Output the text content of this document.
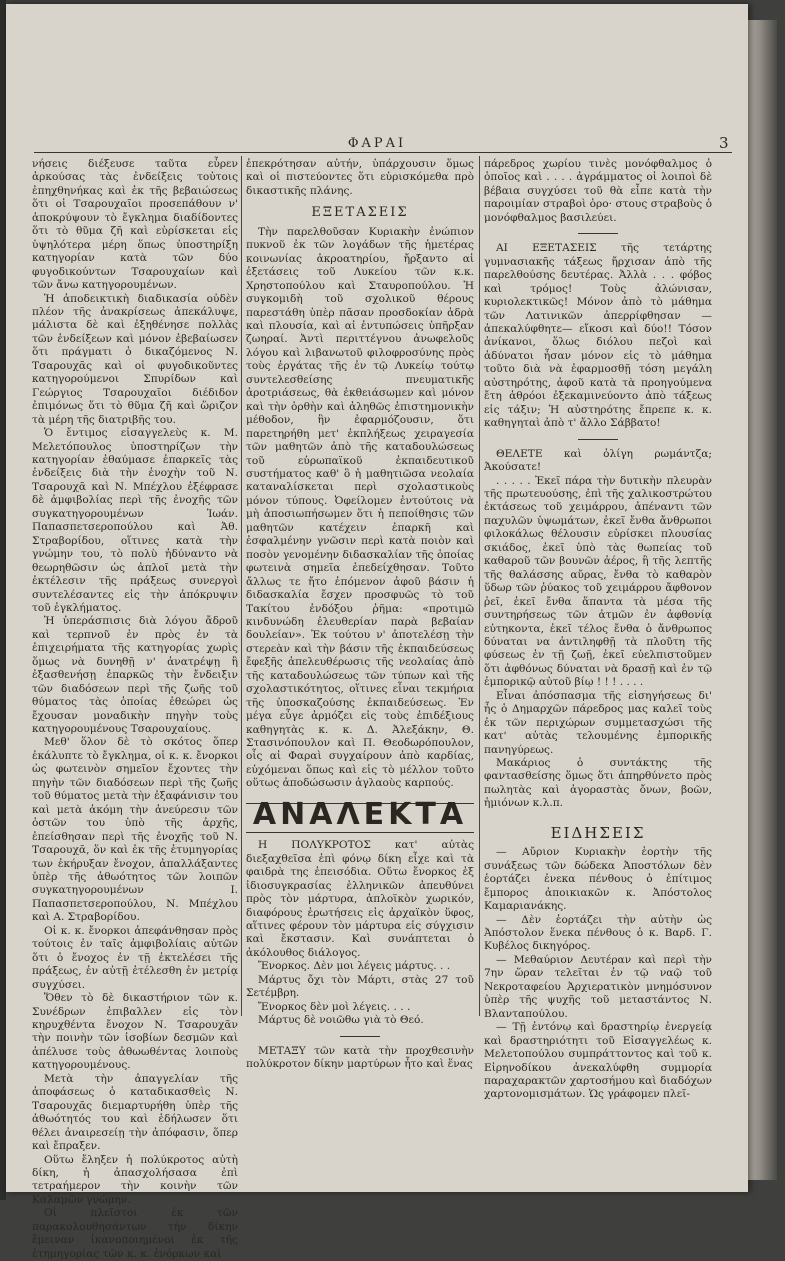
ΦΑΡΑΙ	3

νήσεις διέξευσε ταῦτα εὗρεν ἀρκούσας τὰς ἐνδείξεις τοὐτοις ἐπηχθηνήκας καὶ ἐκ τῆς βεβαιώσεως ὅτι οἱ Τσαρουχαῖοι προσεπάθουν ν' ἀποκρύψουν τὸ ἔγκλημα διαδίδοντες ὅτι τὸ θῦμα ζῆ καὶ εὑρίσκεται εἰς ὑψηλότερα μέρη ὅπως ὑποστηρίξη κατηγορίαν κατὰ τῶν δύο φυγοδικούντων Τσαρουχαίων καὶ τῶν ἄνω κατηγορουμένων.

Ἡ ἀποδεικτικὴ διαδικασία οὐδὲν πλέον τῆς ἀνακρίσεως ἀπεκάλυψε, μάλιστα δὲ καὶ ἐξηθένησε πολλὰς τῶν ἐνδείξεων καὶ μόνον ἐβεβαίωσεν ὅτι πράγματι ὁ δικαζόμενος Ν. Τσαρουχᾶς καὶ οἱ φυγοδικοῦντες κατηγορούμενοι Σπυρίδων καὶ Γεώργιος Τσαρουχαῖοι διέδιδον ἐπιμόνως ὅτι τὸ θῦμα ζῆ καὶ ὥριζον τὰ μέρη τῆς διατριβῆς του.

Ὁ ἔντιμος εἰσαγγελεὺς κ. Μ. Μελετόπουλος ὑποστηρίζων τὴν κατηγορίαν ἐθαύμασε ἐπαρκεῖς τὰς ἐνδείξεις διὰ τὴν ἐνοχὴν τοῦ Ν. Τσαρουχᾶ καὶ Ν. Μπέχλου ἐξέφρασε δὲ ἀμφιβολίας περὶ τῆς ἐνοχῆς τῶν συγκατηγορουμένων Ἰωάν. Παπασπετσεροπούλου καὶ Ἀθ. Στραβορίδου, οἵτινες κατὰ τὴν γνώμην του, τὸ πολὺ ἠδύναντο νὰ θεωρηθῶσιν ὡς ἁπλοῖ μετὰ τὴν ἐκτέλεσιν τῆς πράξεως συνεργοὶ συντελέσαντες εἰς τὴν ἀπόκρυψιν τοῦ ἐγκλήματος.

Ἡ ὑπεράσπισις διὰ λόγου ἄδροῦ καὶ τερπνοῦ ἐν πρὸς ἐν τὰ ἐπιχειρήματα τῆς κατηγορίας χωρὶς ὅμως νὰ δυνηθῇ ν' ἀνατρέψῃ ἢ ἐξασθενήσῃ ἐπαρκῶς τὴν ἔνδειξιν τῶν διαδόσεων περὶ τῆς ζωῆς τοῦ θύματος τὰς ὁποίας ἐθεώρει ὡς ἔχουσαν μοναδικὴν πηγὴν τοὺς κατηγορουμένους Τσαρουχαίους.

Μεθ' ὅλον δὲ τὸ σκότος ὅπερ ἐκάλυπτε τὸ ἔγκλημα, οἱ κ. κ. ἔνορκοι ὡς φωτεινὸν σημεῖον ἔχοντες τὴν πηγὴν τῶν διαδόσεων περὶ τῆς ζωῆς τοῦ θύματος μετὰ τὴν ἐξαφάνισιν του καὶ μετὰ ἀκόμη τὴν ἀνεύρεσιν τῶν ὀστῶν του ὑπὸ τῆς ἀρχῆς, ἐπείσθησαν περὶ τῆς ἐνοχῆς τοῦ Ν. Τσαρουχᾶ, ὅν καὶ ἐκ τῆς ἐτυμηγορίας των ἐκήρυξαν ἔνοχον, ἀπαλλάξαντες ὑπὲρ τῆς ἀθωότητος τῶν λοιπῶν συγκατηγορουμένων Ι. Παπασπετσεροπούλου, Ν. Μπέχλου καὶ Α. Στραβορίδου.

Οἱ κ. κ. ἔνορκοι ἀπεφάνθησαν πρὸς τούτοις ἐν ταῖς ἀμφιβολίαις αὐτῶν ὅτι ὁ ἔνοχος ἐν τῇ ἐκτελέσει τῆς πράξεως, ἐν αὐτῇ ἐτέλεσθη ἐν μετρίᾳ συγχύσει.

Ὅθεν τὸ δὲ δικαστήριον τῶν κ. Συνέδρων ἐπιβαλλεν εἰς τὸν κηρυχθέντα ἔνοχον Ν. Τσαρουχᾶν τὴν ποινὴν τῶν ἰσοβίων δεσμῶν καὶ ἀπέλυσε τοὺς ἀθωωθέντας λοιποὺς κατηγορουμένους.

Μετὰ τὴν ἀπαγγελίαν τῆς ἀποφάσεως ὁ καταδικασθεὶς Ν. Τσαρουχᾶς διεμαρτυρήθη ὑπὲρ τῆς ἀθωότητός του καὶ ἐδήλωσεν ὅτι θέλει ἀναιρεσείῃ τὴν ἀπόφασιν, ὅπερ καὶ ἔπραξεν.

Οὕτω ἔληξεν ἡ πολύκροτος αὐτὴ δίκη, ἡ ἀπασχολήσασα ἐπὶ τετραήμερον τὴν κοινὴν τῶν Καλαμῶν γνώμην.

Οἱ πλεῖστοι ἐκ τῶν παρακολουθησάντων τὴν δίκην ἔμειναν ἱκανοποιημένοι ἐκ τῆς ἐτημηγορίας τῶν κ. κ. ἐνόρκων καὶ

ἐπεκρότησαν αὐτήν, ὑπάρχουσιν ὅμως καὶ οἱ πιστεύοντες ὅτι εὑρισκόμεθα πρὸ δικαστικῆς πλάνης.

ΕΞΕΤΑΣΕΙΣ

Τὴν παρελθοῦσαν Κυριακὴν ἐνώπιον πυκνοῦ ἐκ τῶν λογάδων τῆς ἡμετέρας κοινωνίας ἀκροατηρίου, ἤρξαντο αἱ ἐξετάσεις τοῦ Λυκείου τῶν κ.κ. Χρηστοπούλου καὶ Σταυροπούλου. Ἡ συγκομιδὴ τοῦ σχολικοῦ θέρους παρεστάθη ὑπὲρ πᾶσαν προσδοκίαν ἀδρὰ καὶ πλουσία, καὶ αἱ ἐντυπώσεις ὑπῆρξαν ζωηραί. Ἀντὶ περιττέγνου ἀνωφελοῦς λόγου καὶ λιβανωτοῦ φιλοφροσύνης πρὸς τοὺς ἐργάτας τῆς ἐν τῷ Λυκείῳ τούτῳ συντελεσθείσης πνευματικῆς ἀροτριάσεως, θὰ ἐκθειάσωμεν καὶ μόνον καὶ τὴν ὁρθὴν καὶ ἀληθῶς ἐπιστημονικὴν μέθοδον, ἣν ἐφαρμόζουσιν, ὅτι παρετηρήθη μετ' ἐκπλήξεως χειραγεσία τῶν μαθητῶν ἀπὸ τῆς καταδουλώσεως τοῦ εὐρωπαϊκοῦ ἐκπαιδευτικοῦ συστήματος καθ' ὃ ἡ μαθητιῶσα νεολαία καταναλίσκεται περὶ σχολαστικοὺς μόνον τύπους. Ὀφείλομεν ἐντούτοις νὰ μὴ ἀποσιωπήσωμεν ὅτι ἡ πεποίθησις τῶν μαθητῶν κατέχειν ἐπαρκῆ καὶ ἐσφαλμένην γνῶσιν περὶ κατὰ ποιὸν καὶ ποσὸν γενομένην διδασκαλίαν τῆς ὁποίας φωτεινὰ σημεῖα ἐπεδείχθησαν. Τοῦτο ἄλλως τε ἤτο ἐπόμενον ἀφοῦ βάσιν ἡ διδασκαλία ἔσχεν προσφυῶς τὸ τοῦ Τακίτου ἐνδόξου ῥῆμα: «προτιμῶ κινδυνώδη ἐλευθερίαν παρὰ βεβαίαν δουλείαν». Ἐκ τούτου ν' ἀποτελέσῃ τὴν στερεὰν καὶ τὴν βάσιν τῆς ἐκπαιδεύσεως ἔφεξῆς ἀπελευθέρωσις τῆς νεολαίας ἀπὸ τῆς καταδουλώσεως τῶν τύπων καὶ τῆς σχολαστικότητος, οἵτινες εἶναι τεκμήρια τῆς ὑποσκαζούσης ἐκπαιδεύσεως. Ἐν μέγα εὖγε ἀρμόζει εἰς τοὺς ἐπιδέξιους καθηγητὰς κ. κ. Δ. Ἀλεξάκην, Θ. Στασινόπουλον καὶ Π. Θεοδωρόπουλον, οἷς αἱ Φαραὶ συγχαίρουν ἀπὸ καρδίας, εὐχόμεναι ὅπως καὶ εἰς τὸ μέλλον τοῦτο οὕτως ἀποδώσωσιν ἀγλαοὺς καρπούς.

ΑΝΑΛΕΚΤΑ

Η ΠΟΛΥΚΡΟΤΟΣ κατ' αὐτὰς διεξαχθεῖσα ἐπὶ φόνῳ δίκη εἶχε καὶ τὰ φαιδρὰ της ἐπεισόδια. Οὕτω ἔνορκος ἐξ ἰδιοσυγκρασίας ἑλληνικῶν ἀπευθύνει πρὸς τὸν μάρτυρα, ἁπλοϊκὸν χωρικόν, διαφόρους ἐρωτήσεις εἰς ἀρχαϊκὸν ὕφος, αἵτινες φέρουν τὸν μάρτυρα εἰς σύγχισιν καὶ ἔκστασιν. Καὶ συνάπτεται ὁ ἀκόλουθος διάλογος.

Ἔνορκος. Δὲν μοι λέγεις μάρτυς. . .

Μάρτυς ὄχι τὸν Μάρτι, στὰς 27 τοῦ Σετέμβρη.

Ἔνορκος δὲν μοὶ λέγεις. . . .

Μάρτυς δὲ νοιῶθω γιὰ τὸ Θεό.

ΜΕΤΑΞΥ τῶν κατὰ τὴν προχθεσινὴν πολύκροτον δίκην μαρτύρων ἦτο καὶ ἕνας

πάρεδρος χωρίου τινὲς μονόφθαλμος ὁ ὁποῖος καὶ . . . . ἀγράμματος οἱ λοιποὶ δὲ βέβαια συγχύσει τοῦ θὰ εἶπε κατὰ τὴν παροιμίαν στραβοὶ ὁρο· στους στραβοὺς ὁ μονόφθαλμος βασιλεύει.

ΑΙ ΕΞΕΤΑΣΕΙΣ τῆς τετάρτης γυμνασιακῆς τάξεως ἤρχισαν ἀπὸ τῆς παρελθούσης δευτέρας. Ἀλλὰ . . . φόβος καὶ τρόμος! Τοὺς ἀλώνισαν, κυριολεκτικῶς! Μόνον ἀπὸ τὸ μάθημα τῶν Λατινικῶν ἀπερρίφθησαν —ἀπεκαλύφθητε— εἴκοσι καὶ δύο!! Τόσον ἀνίκανοι, ὅλως διόλου πεζοὶ καὶ ἀδύνατοι ἦσαν μόνον εἰς τὸ μάθημα τοῦτο διὰ νὰ ἐφαρμοσθῇ τόση μεγάλη αὐστηρότης, ἀφοῦ κατὰ τὰ προηγούμενα ἔτη ἀθρόοι ἐξεκαμινεύοντο ἀπὸ τάξεως εἰς τάξιν; Ἡ αὐστηρότης ἔπρεπε κ. κ. καθηγηταὶ ἀπὸ τ' ἄλλο Σάββατο!

ΘΕΛΕΤΕ καὶ ὀλίγη ρωμάντζα; Ἀκούσατε!

. . . . . Ἐκεῖ πάρα τὴν δυτικὴν πλευρὰν τῆς πρωτευούσης, ἐπὶ τῆς χαλικοστρώτου ἐκτάσεως τοῦ χειμάρρου, ἀπέναντι τῶν παχυλῶν ὑψωμάτων, ἐκεῖ ἔνθα ἄνθρωποι φιλοκάλως θέλουσιν εὑρίσκει πλουσίας σκιάδος, ἐκεῖ ὑπὸ τὰς θωπείας τοῦ καθαροῦ τῶν βουνῶν ἀέρος, ἢ τῆς λεπτῆς τῆς θαλάσσης αὔρας, ἔνθα τὸ καθαρὸν ὕδωρ τῶν ῥύακος τοῦ χειμάρρου ἄφθονον ῥεῖ, ἐκεῖ ἔνθα ἅπαντα τὰ μέσα τῆς συντηρήσεως τῶν ἀτμῶν ἐν ἀφθονίᾳ εὐτηκοντα, ἐκεῖ τέλος ἔνθα ὁ ἄνθρωπος δύναται να ἀντιληφθῇ τὰ πλοῦτη τῆς φύσεως ἐν τῇ ζωῇ, ἐκεῖ εὐελπιστοῦμεν ὅτι ἀφθόνως δύναται νὰ δρασῇ καὶ ἐν τῷ ἐμπορικῷ αὐτοῦ βίῳ ! ! ! . . . .

Εἶναι ἀπόσπασμα τῆς εἰσηγήσεως δι' ἧς ὁ Δημαρχῶν πάρεδρος μας καλεῖ τοὺς ἐκ τῶν περιχώρων συμμετασχώσι τῆς κατ' αὐτὰς τελουμένης ἐμπορικῆς πανηγύρεως.

Μακάριος ὁ συντάκτης τῆς φαντασθείσης ὅμως ὅτι ἀπηρθύνετο πρὸς πωλητὰς καὶ ἀγοραστὰς ὄνων, βοῶν, ἡμιόνων κ.λ.π.

ΕΙΔΗΣΕΙΣ

— Αὔριον Κυριακὴν ἑορτὴν τῆς συνάξεως τῶν δώδεκα Ἀποστόλων δὲν ἑορτάζει ἐνεκα πένθους ὁ ἐπίτιμος ἔμπορος ἀποικιακῶν κ. Ἀπόστολος Καμαριανάκης.

— Δὲν ἑορτάζει τὴν αὐτὴν ὡς Ἀπόστολον ἕνεκα πένθους ὁ κ. Βαρδ. Γ. Κυβέλος δικηγόρος.

— Μεθαύριον Δευτέραν καὶ περὶ τὴν 7ην ὥραν τελεῖται ἐν τῷ ναῷ τοῦ Νεκροταφείου Ἀρχιερατικὸν μνημόσυνον ὑπὲρ τῆς ψυχῆς τοῦ μεταστάντος Ν. Βλανταπούλου.

— Τῇ ἐντόνῳ καὶ δραστηρίῳ ἐνεργείᾳ καὶ δραστηριότητι τοῦ Εἰσαγγελέως κ. Μελετοπούλου συμπράττοντος καὶ τοῦ κ. Εἰρηνοδίκου ἀνεκαλύφθη συμμορία παραχαρακτῶν χαρτοσήμου καὶ διαδόχων χαρτονομισμάτων. Ὡς γράφομεν πλεῖ-
